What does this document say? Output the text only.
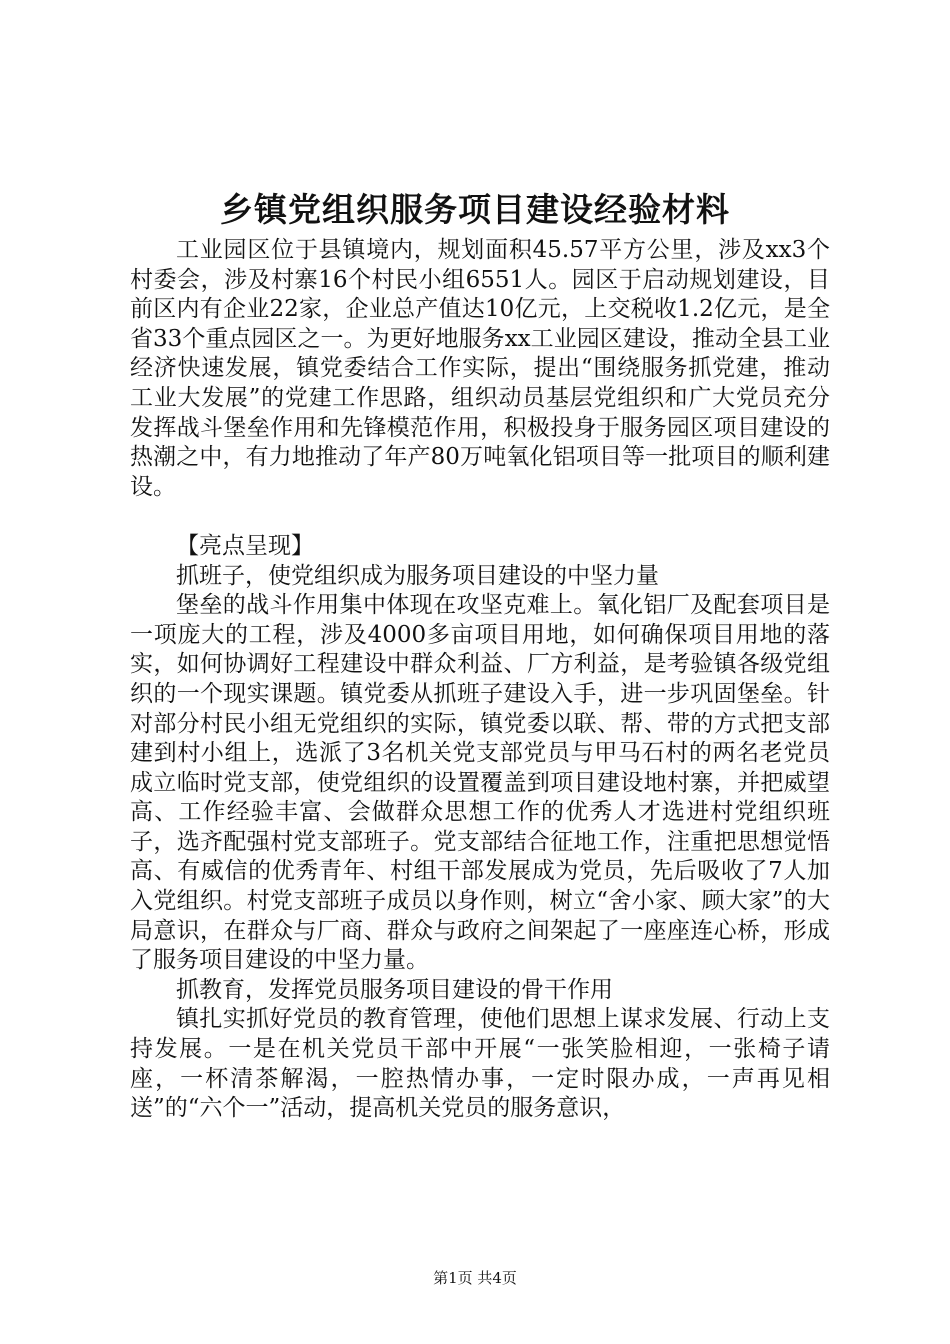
乡镇党组织服务项目建设经验材料

工业园区位于县镇境内，规划面积45.57平方公里，涉及xx3个村委会，涉及村寨16个村民小组6551人。园区于启动规划建设，目前区内有企业22家，企业总产值达10亿元，上交税收1.2亿元，是全省33个重点园区之一。为更好地服务xx工业园区建设，推动全县工业经济快速发展，镇党委结合工作实际，提出“围绕服务抓党建，推动工业大发展”的党建工作思路，组织动员基层党组织和广大党员充分发挥战斗堡垒作用和先锋模范作用，积极投身于服务园区项目建设的热潮之中，有力地推动了年产80万吨氧化铝项目等一批项目的顺利建设。

【亮点呈现】

抓班子，使党组织成为服务项目建设的中坚力量

堡垒的战斗作用集中体现在攻坚克难上。氧化铝厂及配套项目是一项庞大的工程，涉及4000多亩项目用地，如何确保项目用地的落实，如何协调好工程建设中群众利益、厂方利益，是考验镇各级党组织的一个现实课题。镇党委从抓班子建设入手，进一步巩固堡垒。针对部分村民小组无党组织的实际，镇党委以联、帮、带的方式把支部建到村小组上，选派了3名机关党支部党员与甲马石村的两名老党员成立临时党支部，使党组织的设置覆盖到项目建设地村寨，并把威望高、工作经验丰富、会做群众思想工作的优秀人才选进村党组织班子，选齐配强村党支部班子。党支部结合征地工作，注重把思想觉悟高、有威信的优秀青年、村组干部发展成为党员，先后吸收了7人加入党组织。村党支部班子成员以身作则，树立“舍小家、顾大家”的大局意识，在群众与厂商、群众与政府之间架起了一座座连心桥，形成了服务项目建设的中坚力量。

抓教育，发挥党员服务项目建设的骨干作用

镇扎实抓好党员的教育管理，使他们思想上谋求发展、行动上支持发展。一是在机关党员干部中开展“一张笑脸相迎，一张椅子请座，一杯清茶解渴，一腔热情办事，一定时限办成，一声再见相送”的“六个一”活动，提高机关党员的服务意识，

第1页 共4页
